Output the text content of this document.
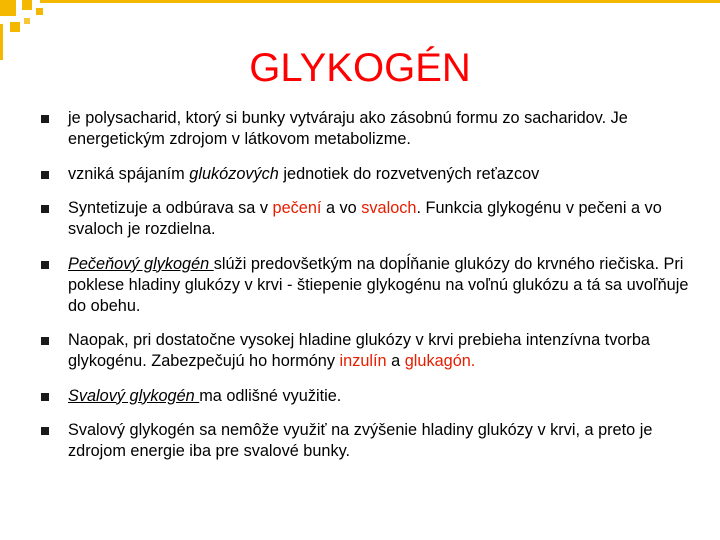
GLYKOGÉN
je polysacharid, ktorý si bunky vytváraju ako zásobnú formu zo sacharidov. Je energetickým zdrojom v látkovom metabolizme.
vzniká spájaním glukózových jednotiek do rozvetvených reťazcov
Syntetizuje a odbúrava sa v pečení a vo svaloch. Funkcia glykogénu v pečeni a vo svaloch je rozdielna.
Pečeňový glykogén slúži predovšetkým na dopĺňanie glukózy do krvného riečiska. Pri poklese hladiny glukózy v krvi - štiepenie glykogénu na voľnú glukózu a tá sa uvoľňuje do obehu.
Naopak, pri dostatočne vysokej hladine glukózy v krvi prebieha intenzívna tvorba glykogénu. Zabezpečujú ho hormóny inzulín a glukagón.
Svalový glykogén ma odlišné využitie.
Svalový glykogén sa nemôže využiť na zvýšenie hladiny glukózy v krvi, a preto je zdrojom energie iba pre svalové bunky.
